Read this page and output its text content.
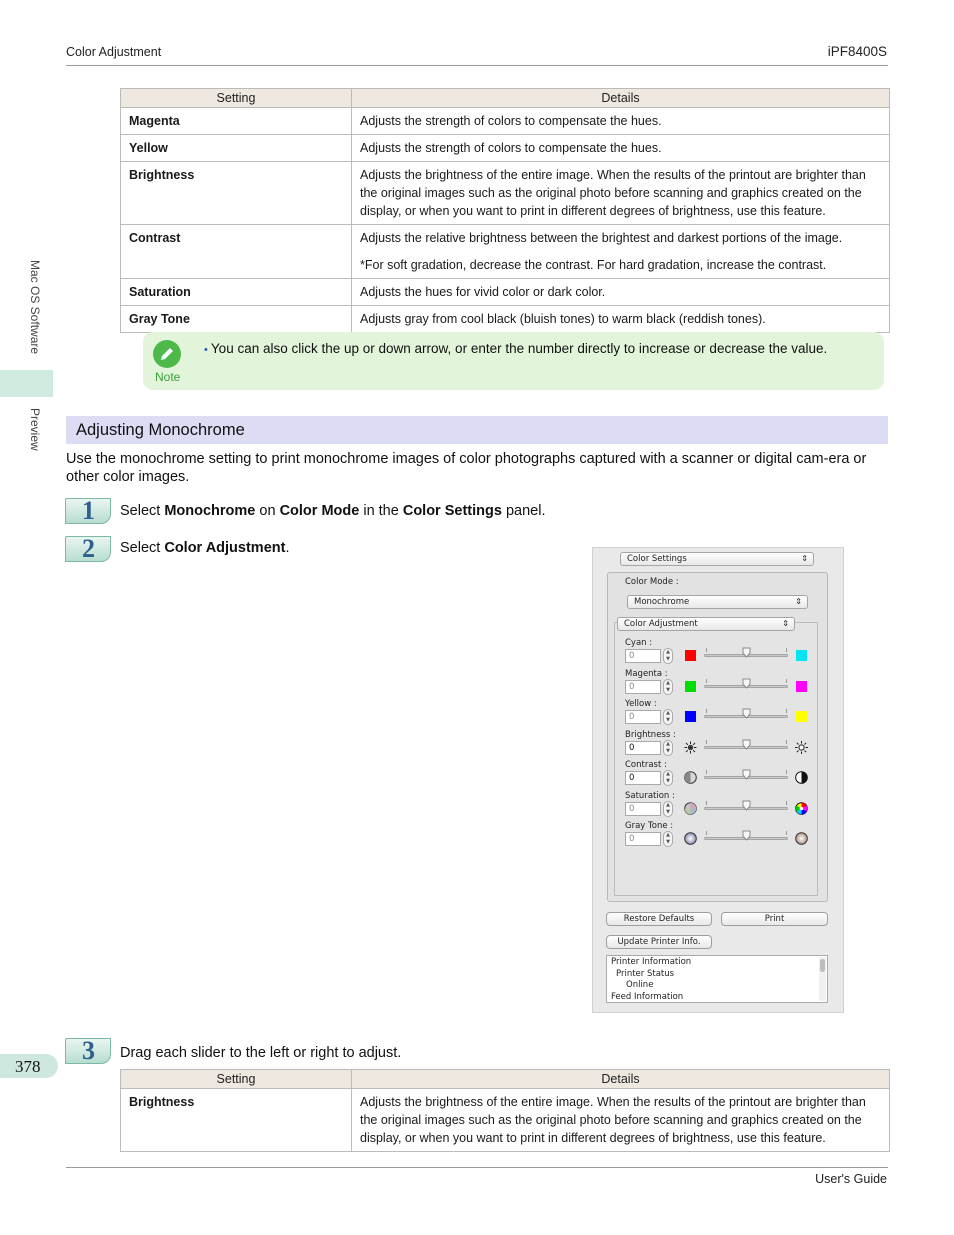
Color Adjustment	iPF8400S
Mac OS Software
Preview
378
Setting	Details
Magenta	Adjusts the strength of colors to compensate the hues.
Yellow	Adjusts the strength of colors to compensate the hues.
Brightness	Adjusts the brightness of the entire image. When the results of the printout are brighter than the original images such as the original photo before scanning and graphics created on the display, or when you want to print in different degrees of brightness, use this feature.
Contrast	Adjusts the relative brightness between the brightest and darkest portions of the image.
*For soft gradation, decrease the contrast. For hard gradation, increase the contrast.

Saturation	Adjusts the hues for vivid color or dark color.
Gray Tone	Adjusts gray from cool black (bluish tones) to warm black (reddish tones).
Note
• You can also click the up or down arrow, or enter the number directly to increase or decrease the value.
Adjusting Monochrome
Use the monochrome setting to print monochrome images of color photographs captured with a scanner or digital cam-era or other color images.
1 Select Monochrome on Color Mode in the Color Settings panel.
2 Select Color Adjustment.
Color Settings	⇕
Color Mode :
Monochrome	⇕
Color Adjustment	⇕
Cyan :
0	▲
▼
Magenta :
0	▲
▼
Yellow :
0	▲
▼
Brightness :
0	▲
▼
Contrast :
0	▲
▼
Saturation :
0	▲
▼
Gray Tone :
0	▲
▼
Restore Defaults	Print
Update Printer Info.
Printer Information
Printer Status
Online
Feed Information
3 Drag each slider to the left or right to adjust.
Setting	Details
Brightness	Adjusts the brightness of the entire image. When the results of the printout are brighter than the original images such as the original photo before scanning and graphics created on the display, or when you want to print in different degrees of brightness, use this feature.
User's Guide
